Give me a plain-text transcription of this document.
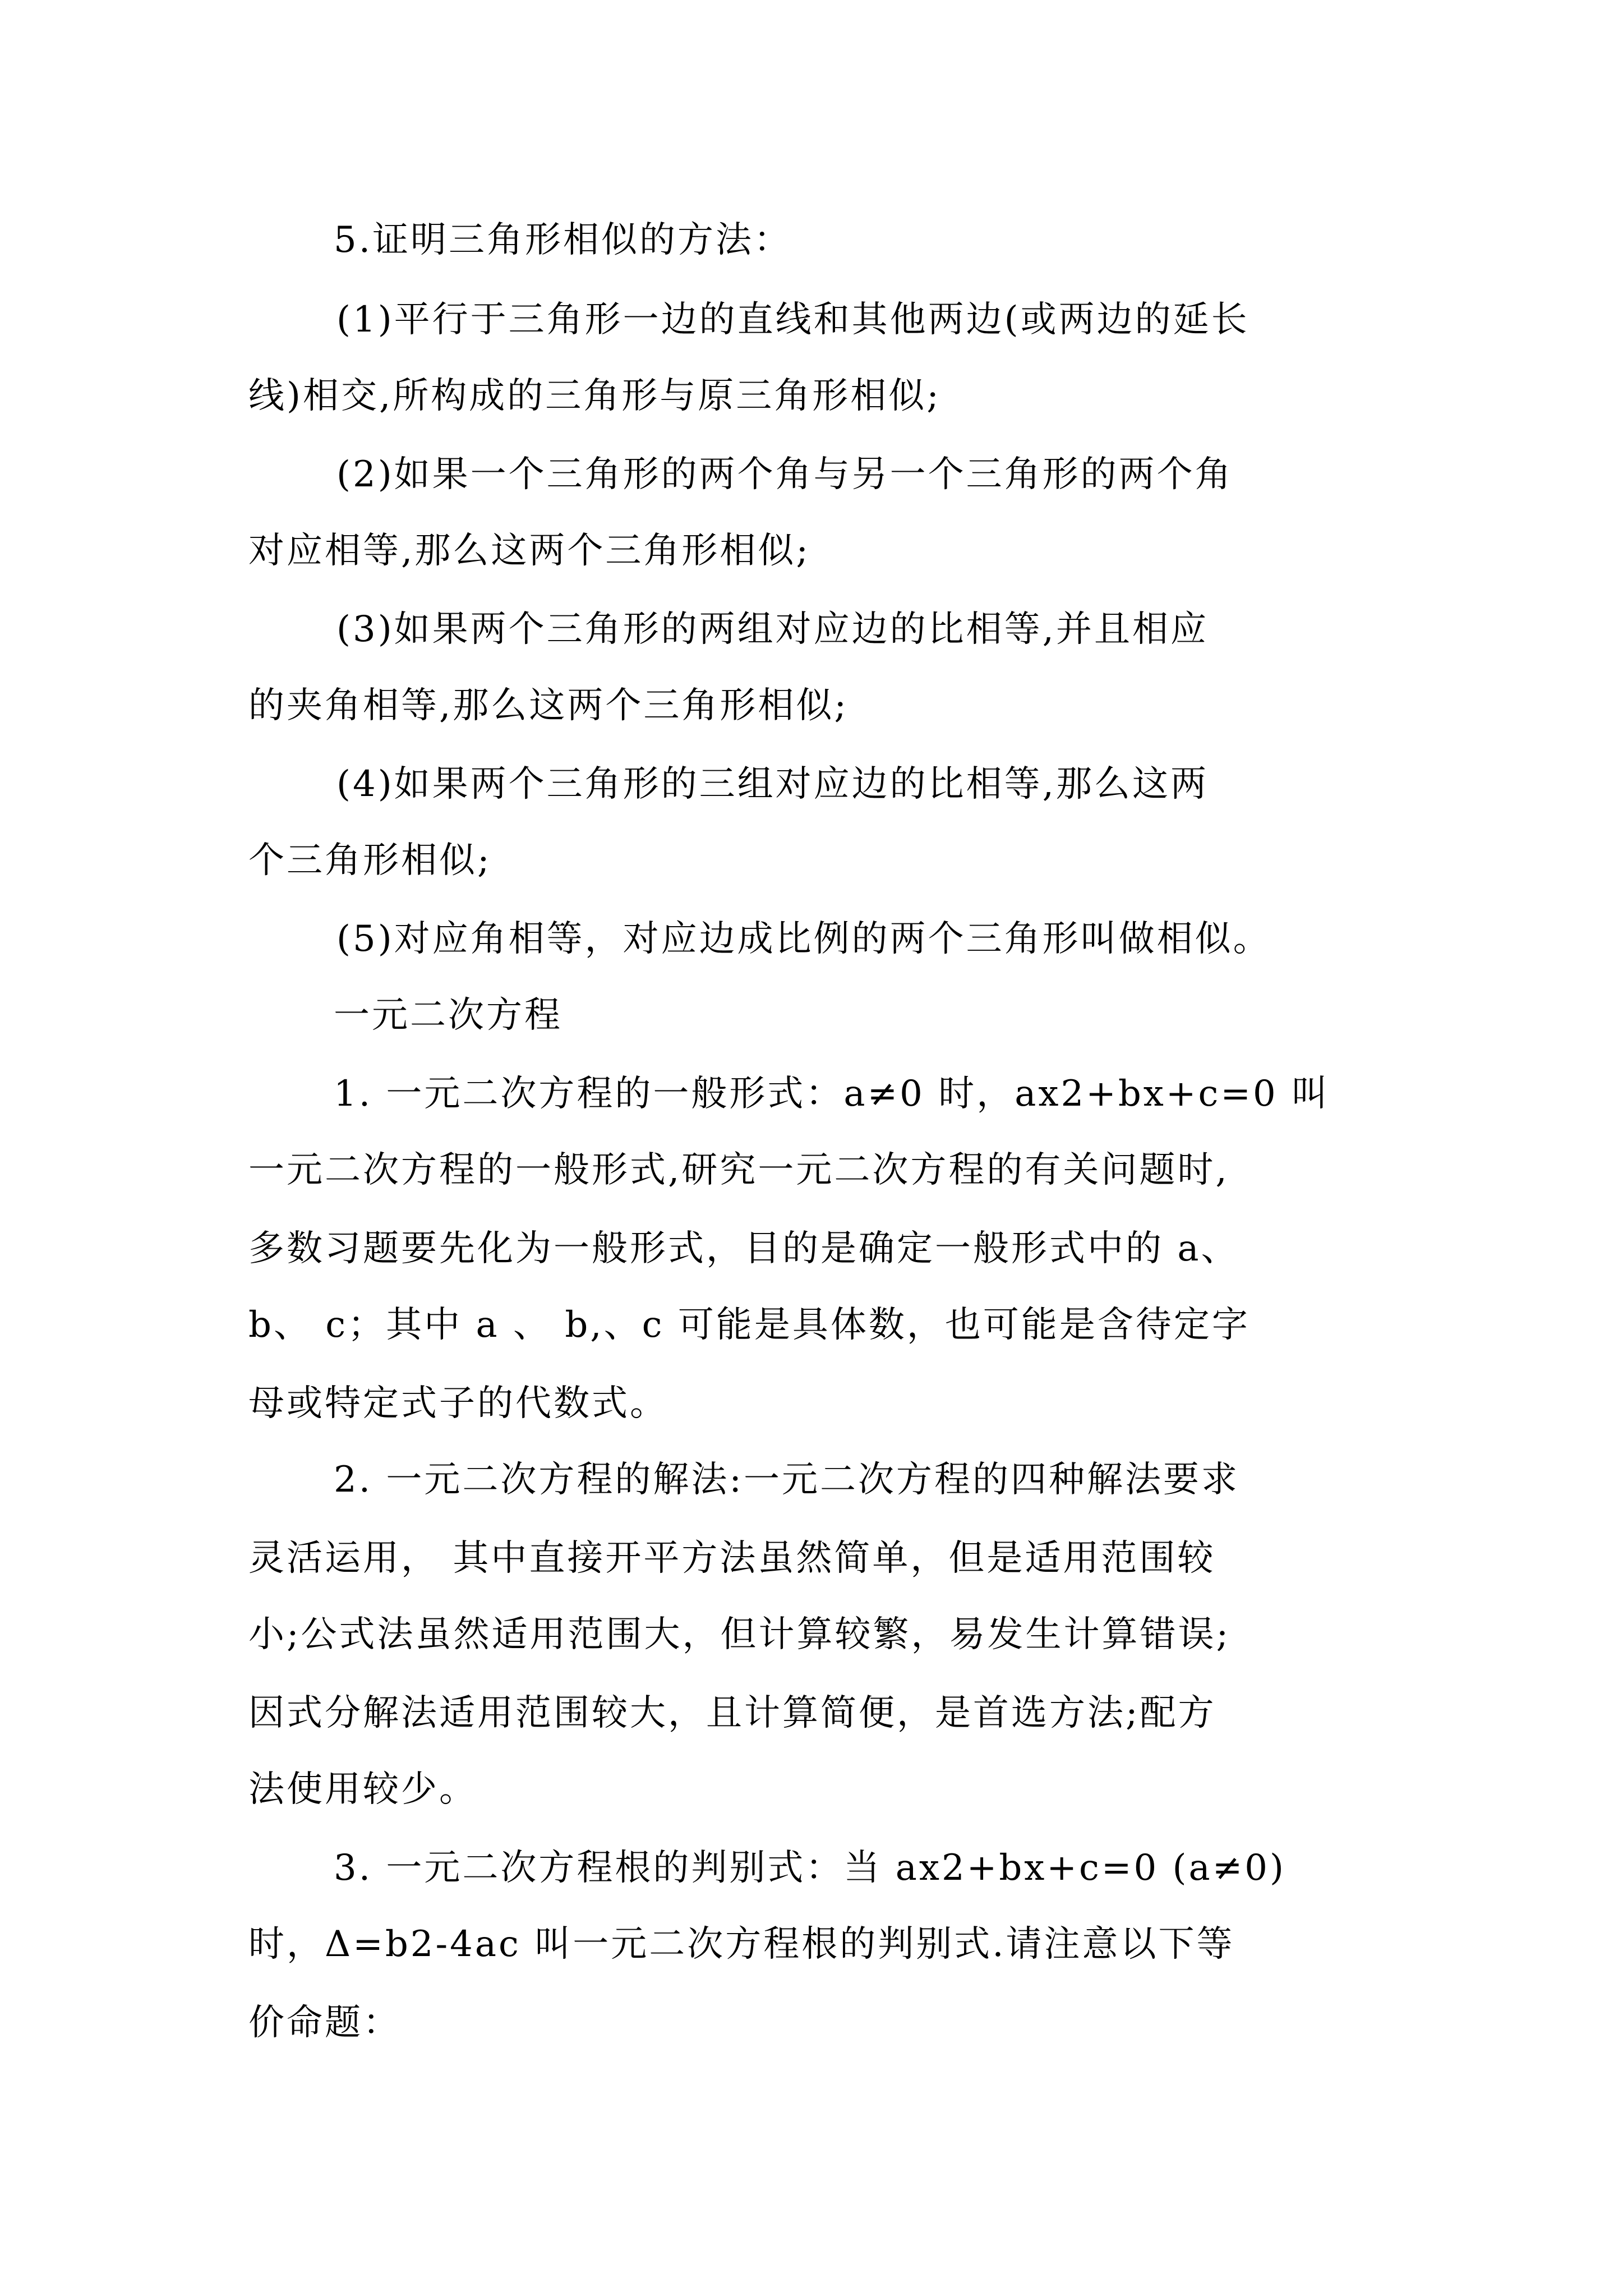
5.证明三角形相似的方法：
(1)平行于三角形一边的直线和其他两边(或两边的延长
线)相交,所构成的三角形与原三角形相似;
(2)如果一个三角形的两个角与另一个三角形的两个角
对应相等,那么这两个三角形相似;
(3)如果两个三角形的两组对应边的比相等,并且相应
的夹角相等,那么这两个三角形相似;
(4)如果两个三角形的三组对应边的比相等,那么这两
个三角形相似;
(5)对应角相等，对应边成比例的两个三角形叫做相似。
一元二次方程
1. 一元二次方程的一般形式：a≠0 时，ax2+bx+c=0 叫
一元二次方程的一般形式,研究一元二次方程的有关问题时,
多数习题要先化为一般形式，目的是确定一般形式中的 a、
b、 c；其中 a 、 b,、c 可能是具体数，也可能是含待定字
母或特定式子的代数式。
2. 一元二次方程的解法:一元二次方程的四种解法要求
灵活运用， 其中直接开平方法虽然简单，但是适用范围较
小;公式法虽然适用范围大，但计算较繁，易发生计算错误;
因式分解法适用范围较大，且计算简便，是首选方法;配方
法使用较少。
3. 一元二次方程根的判别式：当 ax2+bx+c=0 (a≠0)
时，Δ=b2-4ac 叫一元二次方程根的判别式.请注意以下等
价命题：
